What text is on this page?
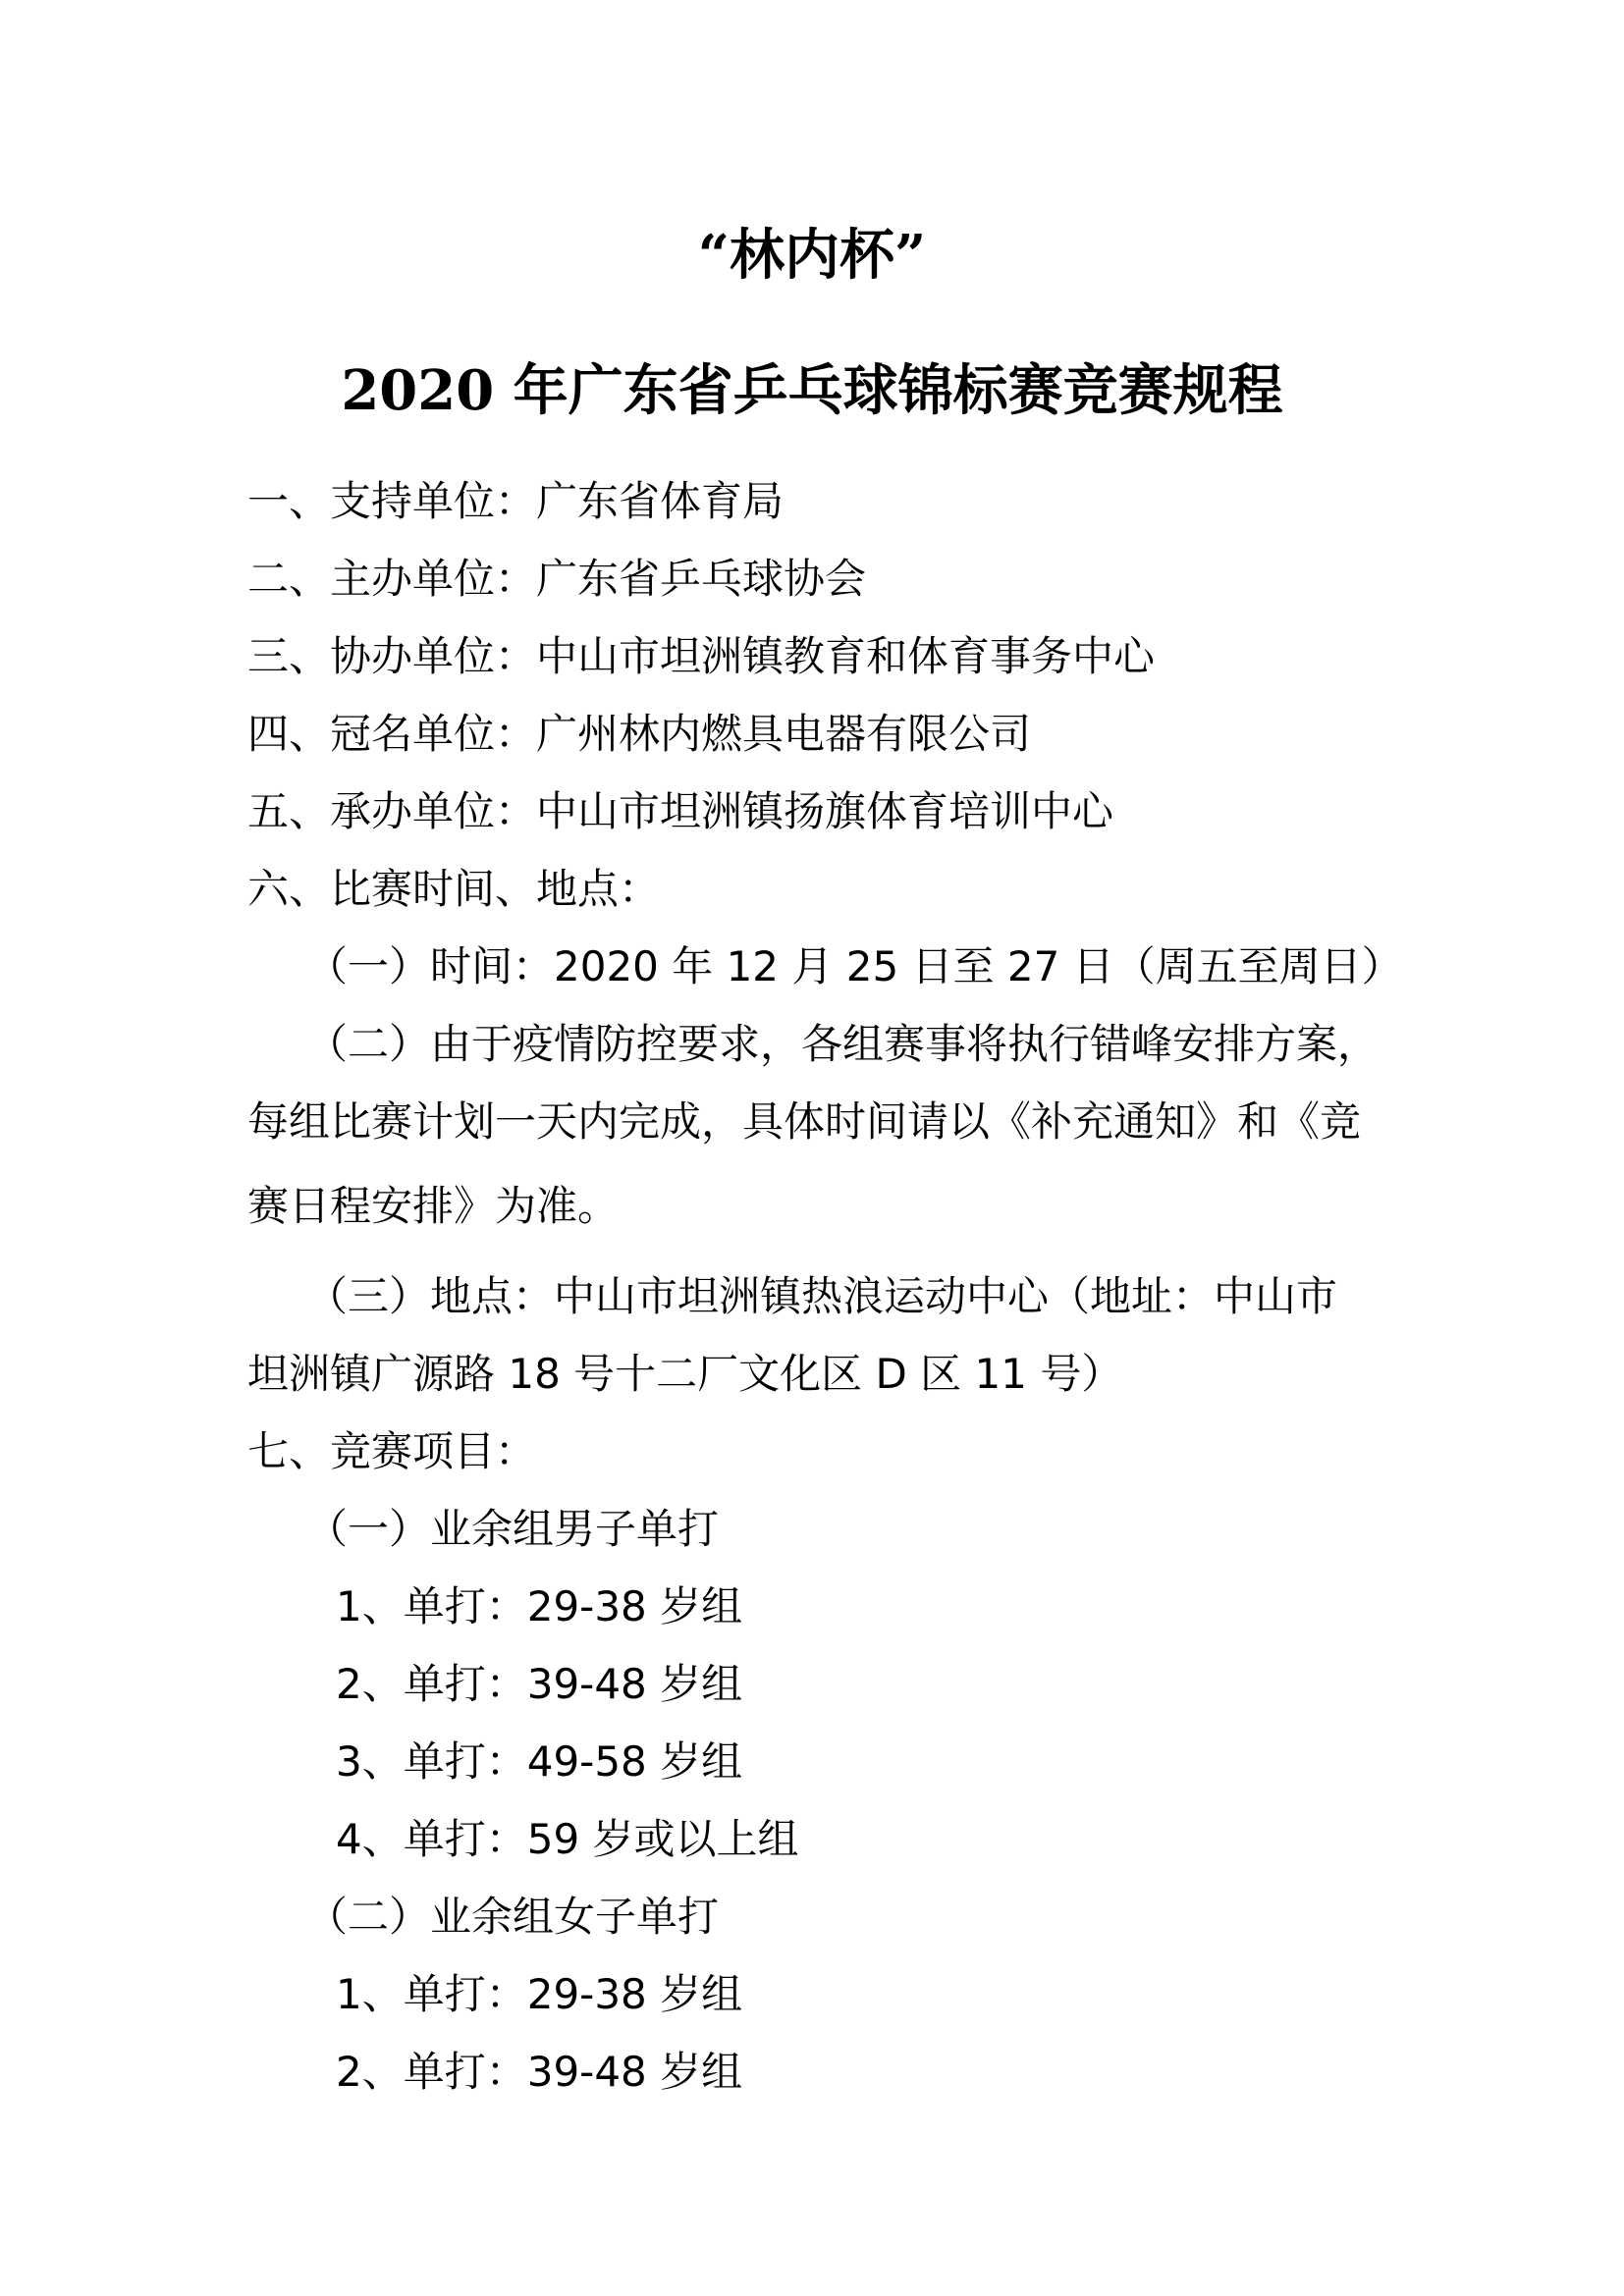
“林内杯”
2020 年广东省乒乓球锦标赛竞赛规程
一、支持单位：广东省体育局
二、主办单位：广东省乒乓球协会
三、协办单位：中山市坦洲镇教育和体育事务中心
四、冠名单位：广州林内燃具电器有限公司
五、承办单位：中山市坦洲镇扬旗体育培训中心
六、比赛时间、地点：
（一）时间：2020 年 12 月 25 日至 27 日（周五至周日）
（二）由于疫情防控要求，各组赛事将执行错峰安排方案，
每组比赛计划一天内完成，具体时间请以《补充通知》和《竞
赛日程安排》为准。
（三）地点：中山市坦洲镇热浪运动中心（地址：中山市
坦洲镇广源路 18 号十二厂文化区 D 区 11 号）
七、竞赛项目：
（一）业余组男子单打
1、单打：29-38 岁组
2、单打：39-48 岁组
3、单打：49-58 岁组
4、单打：59 岁或以上组
（二）业余组女子单打
1、单打：29-38 岁组
2、单打：39-48 岁组
